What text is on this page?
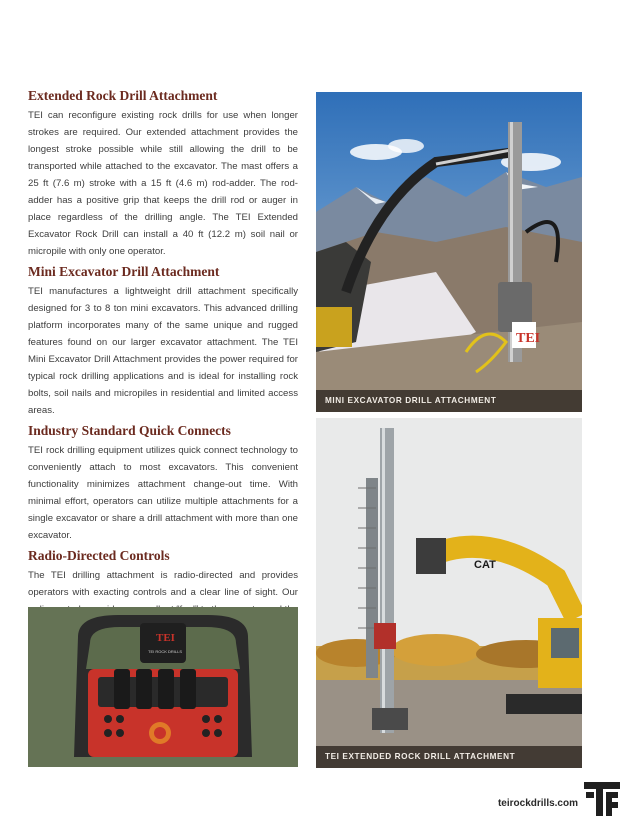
Extended Rock Drill Attachment

TEI can reconfigure existing rock drills for use when longer strokes are required. Our extended attachment provides the longest stroke possible while still allowing the drill to be transported while attached to the excavator. The mast offers a 25 ft (7.6 m) stroke with a 15 ft (4.6 m) rod-adder. The rod-adder has a positive grip that keeps the drill rod or auger in place regardless of the drilling angle. The TEI Extended Excavator Rock Drill can install a 40 ft (12.2 m) soil nail or micropile with only one operator.

Mini Excavator Drill Attachment

TEI manufactures a lightweight drill attachment specifically designed for 3 to 8 ton mini excavators. This advanced drilling platform incorporates many of the same unique and rugged features found on our larger excavator attachment. The TEI Mini Excavator Drill Attachment provides the power required for typical rock drilling applications and is ideal for installing rock bolts, soil nails and micropiles in residential and limited access areas.

Industry Standard Quick Connects

TEI rock drilling equipment utilizes quick connect technology to conveniently attach to most excavators. This convenient functionality minimizes attachment change-out time. With minimal effort, operators can utilize multiple attachments for a single excavator or share a drill attachment with more than one excavator.

Radio-Directed Controls

The TEI drilling attachment is radio-directed and provides operators with exacting controls and a clear line of sight. Our

TEI
MINI EXCAVATOR DRILL ATTACHMENT
CAT
TEI EXTENDED ROCK DRILL ATTACHMENT
TEI
TEI ROCK DRILLS
teirockdrills.com
